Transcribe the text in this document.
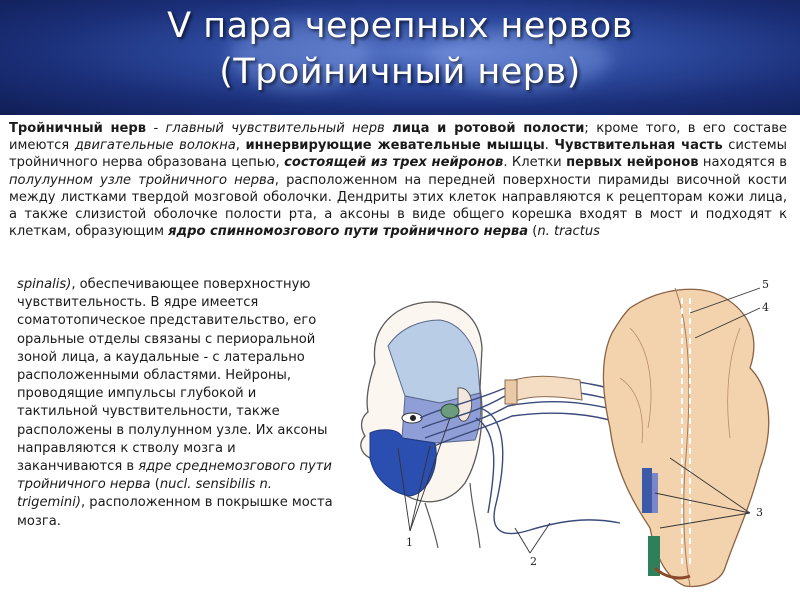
V пара черепных нервов
(Тройничный нерв)
Тройничный нерв - главный чувствительный нерв лица и ротовой полости; кроме того, в его составе имеются двигательные волокна, иннервирующие жевательные мышцы. Чувствительная часть системы тройничного нерва образована цепью, состоящей из трех нейронов. Клетки первых нейронов находятся в полулунном узле тройничного нерва, расположенном на передней поверхности пирамиды височной кости между листками твердой мозговой оболочки. Дендриты этих клеток направляются к рецепторам кожи лица, а также слизистой оболочке полости рта, а аксоны в виде общего корешка входят в мост и подходят к клеткам, образующим ядро спинномозгового пути тройничного нерва (n. tractus
spinalis), обеспечивающее поверхностную чувствительность. В ядре имеется соматотопическое представительство, его оральные отделы связаны с периоральной зоной лица, а каудальные - с латерально расположенными областями. Нейроны, проводящие импульсы глубокой и тактильной чувствительности, также расположены в полулунном узле. Их аксоны направляются к стволу мозга и заканчиваются в ядре среднемозгового пути тройничного нерва (nucl. sensibilis n. trigemini), расположенном в покрышке моста мозга.
1
2
3
4
5
